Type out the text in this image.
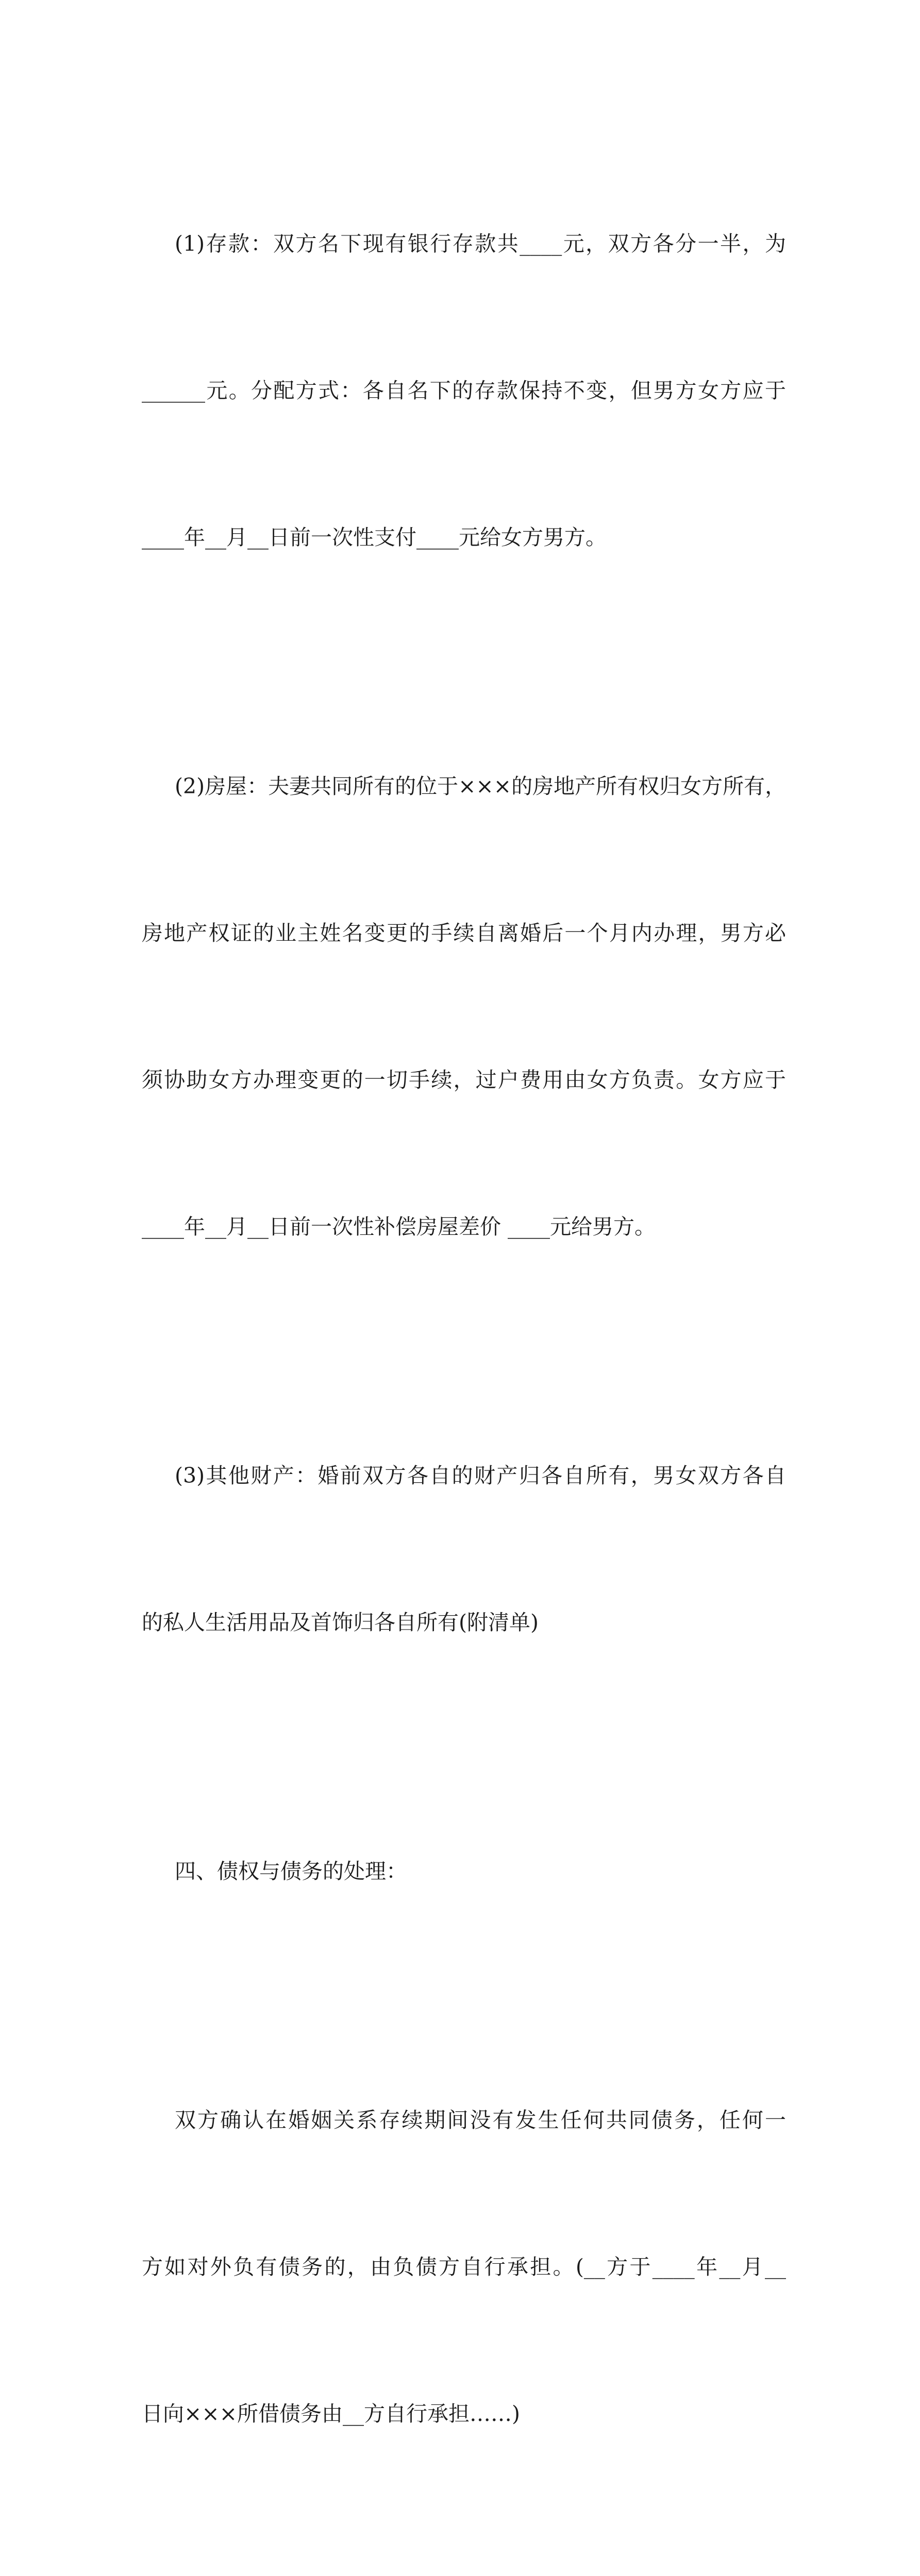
(1)存款：双方名下现有银行存款共____元，双方各分一半，为

______元。分配方式：各自名下的存款保持不变，但男方女方应于

____年__月__日前一次性支付____元给女方男方。

(2)房屋：夫妻共同所有的位于×××的房地产所有权归女方所有，

房地产权证的业主姓名变更的手续自离婚后一个月内办理，男方必

须协助女方办理变更的一切手续，过户费用由女方负责。女方应于

____年__月__日前一次性补偿房屋差价 ____元给男方。

(3)其他财产：婚前双方各自的财产归各自所有，男女双方各自

的私人生活用品及首饰归各自所有(附清单)

四、债权与债务的处理：

双方确认在婚姻关系存续期间没有发生任何共同债务，任何一

方如对外负有债务的，由负债方自行承担。(__方于____年__月__

日向×××所借债务由__方自行承担……)
